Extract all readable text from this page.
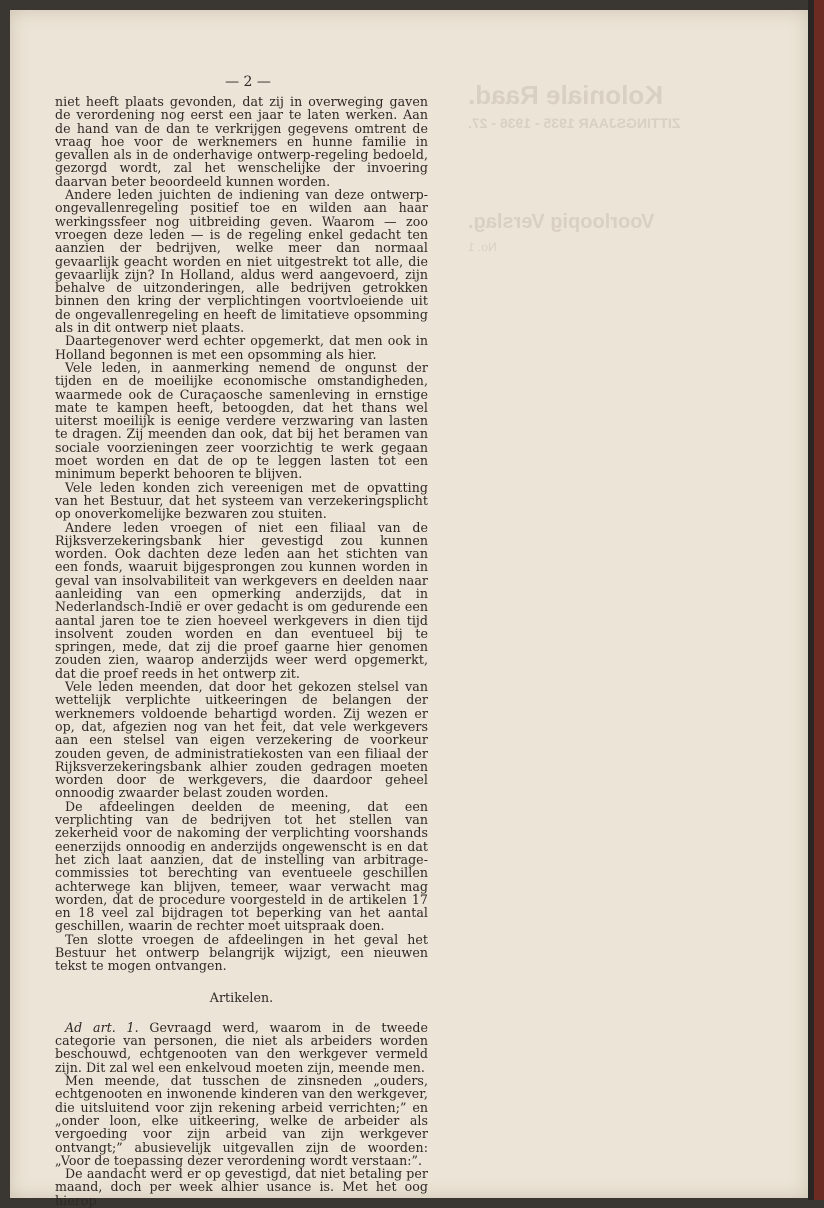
Koloniale Raad.
ZITTINGSJAAR 1935 - 1936 - 27.
Voorloopig Verslag.
No. 1
— 2 —

niet heeft plaats gevonden, dat zij in overweging gaven de verordening nog eerst een jaar te laten werken. Aan de hand van de dan te verkrijgen gegevens omtrent de vraag hoe voor de werknemers en hunne familie in gevallen als in de onderhavige ontwerp-regeling bedoeld, gezorgd wordt, zal het wenschelijke der invoering daarvan beter beoordeeld kunnen worden.

Andere leden juichten de indiening van deze ontwerp-ongevallenregeling positief toe en wilden aan haar werkingssfeer nog uitbreiding geven. Waarom — zoo vroegen deze leden — is de regeling enkel gedacht ten aanzien der bedrijven, welke meer dan normaal gevaarlijk geacht worden en niet uitgestrekt tot alle, die gevaarlijk zijn? In Holland, aldus werd aangevoerd, zijn behalve de uitzonderingen, alle bedrijven getrokken binnen den kring der verplichtingen voortvloeiende uit de ongevallenregeling en heeft de limitatieve opsomming als in dit ontwerp niet plaats.

Daartegenover werd echter opgemerkt, dat men ook in Holland begonnen is met een opsomming als hier.

Vele leden, in aanmerking nemend de ongunst der tijden en de moeilijke economische omstandigheden, waarmede ook de Curaçaosche samenleving in ernstige mate te kampen heeft, betoogden, dat het thans wel uiterst moeilijk is eenige verdere verzwaring van lasten te dragen. Zij meenden dan ook, dat bij het beramen van sociale voorzieningen zeer voorzichtig te werk gegaan moet worden en dat de op te leggen lasten tot een minimum beperkt behooren te blijven.

Vele leden konden zich vereenigen met de opvatting van het Bestuur, dat het systeem van verzekeringsplicht op onoverkomelijke bezwaren zou stuiten.

Andere leden vroegen of niet een filiaal van de Rijksverzekeringsbank hier gevestigd zou kunnen worden. Ook dachten deze leden aan het stichten van een fonds, waaruit bijgesprongen zou kunnen worden in geval van insolvabiliteit van werkgevers en deelden naar aanleiding van een opmerking anderzijds, dat in Nederlandsch-Indië er over gedacht is om gedurende een aantal jaren toe te zien hoeveel werkgevers in dien tijd insolvent zouden worden en dan eventueel bij te springen, mede, dat zij die proef gaarne hier genomen zouden zien, waarop anderzijds weer werd opgemerkt, dat die proef reeds in het ontwerp zit.

Vele leden meenden, dat door het gekozen stelsel van wettelijk verplichte uitkeeringen de belangen der werknemers voldoende behartigd worden. Zij wezen er op, dat, afgezien nog van het feit, dat vele werkgevers aan een stelsel van eigen verzekering de voorkeur zouden geven, de administratiekosten van een filiaal der Rijksverzekeringsbank alhier zouden gedragen moeten worden door de werkgevers, die daardoor geheel onnoodig zwaarder belast zouden worden.

De afdeelingen deelden de meening, dat een verplichting van de bedrijven tot het stellen van zekerheid voor de nakoming der verplichting voorshands eenerzijds onnoodig en anderzijds ongewenscht is en dat het zich laat aanzien, dat de instelling van arbitrage-commissies tot berechting van eventueele geschillen achterwege kan blijven, temeer, waar verwacht mag worden, dat de procedure voorgesteld in de artikelen 17 en 18 veel zal bijdragen tot beperking van het aantal geschillen, waarin de rechter moet uitspraak doen.

Ten slotte vroegen de afdeelingen in het geval het Bestuur het ontwerp belangrijk wijzigt, een nieuwen tekst te mogen ontvangen.

Artikelen.

Ad art. 1. Gevraagd werd, waarom in de tweede categorie van personen, die niet als arbeiders worden beschouwd, echtgenooten van den werkgever vermeld zijn. Dit zal wel een enkelvoud moeten zijn, meende men.

Men meende, dat tusschen de zinsneden „ouders, echtgenooten en inwonende kinderen van den werkgever, die uitsluitend voor zijn rekening arbeid verrichten;” en „onder loon, elke uitkeering, welke de arbeider als vergoeding voor zijn arbeid van zijn werkgever ontvangt;” abusievelijk uitgevallen zijn de woorden: „Voor de toepassing dezer verordening wordt verstaan:”.

De aandacht werd er op gevestigd, dat niet betaling per maand, doch per week alhier usance is. Met het oog hierop
